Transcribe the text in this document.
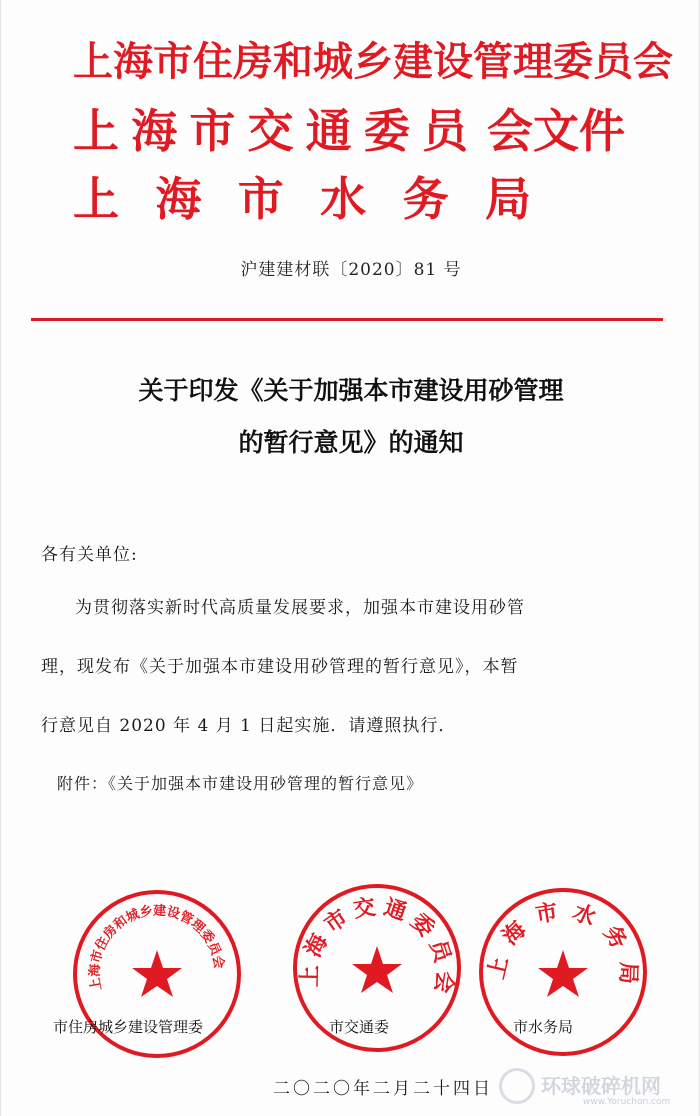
上海市住房和城乡建设管理委员会
上 海 市 交 通 委 员 会文件
上 海 市 水 务 局
沪建建材联〔2020〕81 号
关于印发《关于加强本市建设用砂管理
的暂行意见》的通知
各有关单位:
为贯彻落实新时代高质量发展要求，加强本市建设用砂管
理，现发布《关于加强本市建设用砂管理的暂行意见》，本暂
行意见自 2020 年 4 月 1 日起实施．请遵照执行．
附件：《关于加强本市建设用砂管理的暂行意见》
上海市住房和城乡建设管理委员会	上海市交通委员会
上海市水务局
市住房城乡建设管理委	市交通委	市水务局
二〇二〇年二月二十四日 环球破碎机网
www.Yoruchon.com
